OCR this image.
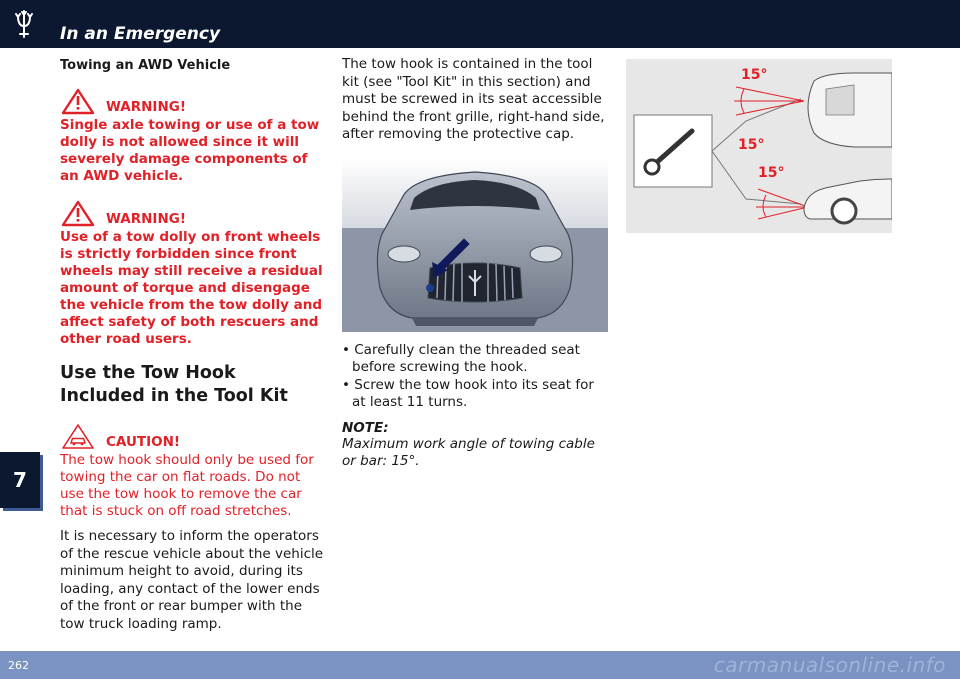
In an Emergency
Towing an AWD Vehicle
WARNING!
Single axle towing or use of a tow dolly is not allowed since it will severely damage components of an AWD vehicle.
WARNING!
Use of a tow dolly on front wheels is strictly forbidden since front wheels may still receive a residual amount of torque and disengage the vehicle from the tow dolly and affect safety of both rescuers and other road users.
Use the Tow Hook Included in the Tool Kit
CAUTION!
The tow hook should only be used for towing the car on flat roads. Do not use the tow hook to remove the car that is stuck on off road stretches.

It is necessary to inform the operators of the rescue vehicle about the vehicle minimum height to avoid, during its loading, any contact of the lower ends of the front or rear bumper with the tow truck loading ramp.

The tow hook is contained in the tool kit (see "Tool Kit" in this section) and must be screwed in its seat accessible behind the front grille, right-hand side, after removing the protective cap.

• Carefully clean the threaded seat before screwing the hook.
• Screw the tow hook into its seat for at least 11 turns.
NOTE:
Maximum work angle of towing cable or bar: 15°.
15°
15°
15°
7
262	carmanualsonline.info
